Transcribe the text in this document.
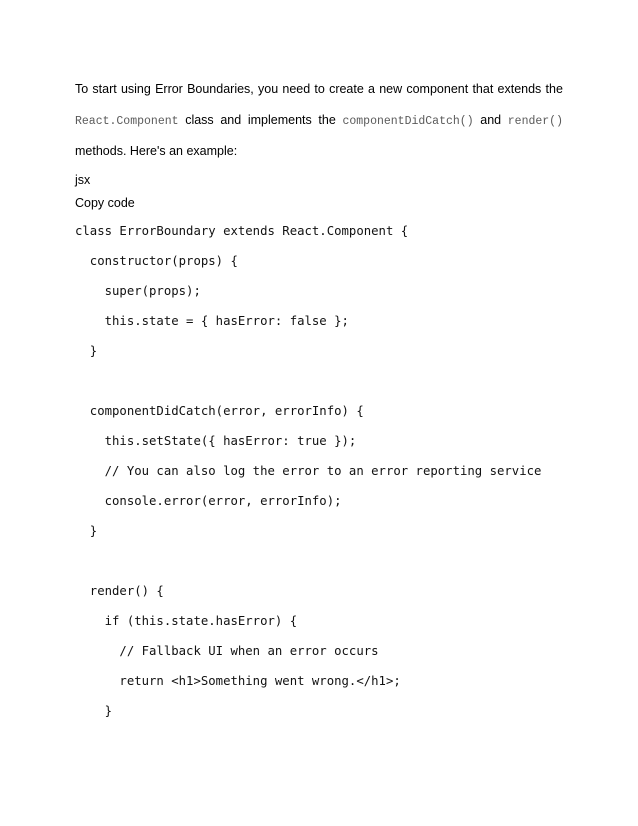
To start using Error Boundaries, you need to create a new component that extends the
React.Component class and implements the componentDidCatch() and render()
methods. Here's an example:
jsx
Copy code
class ErrorBoundary extends React.Component {
constructor(props) {
super(props);
this.state = { hasError: false };
}
componentDidCatch(error, errorInfo) {
this.setState({ hasError: true });
// You can also log the error to an error reporting service
console.error(error, errorInfo);
}
render() {
if (this.state.hasError) {
// Fallback UI when an error occurs
return <h1>Something went wrong.</h1>;
}
